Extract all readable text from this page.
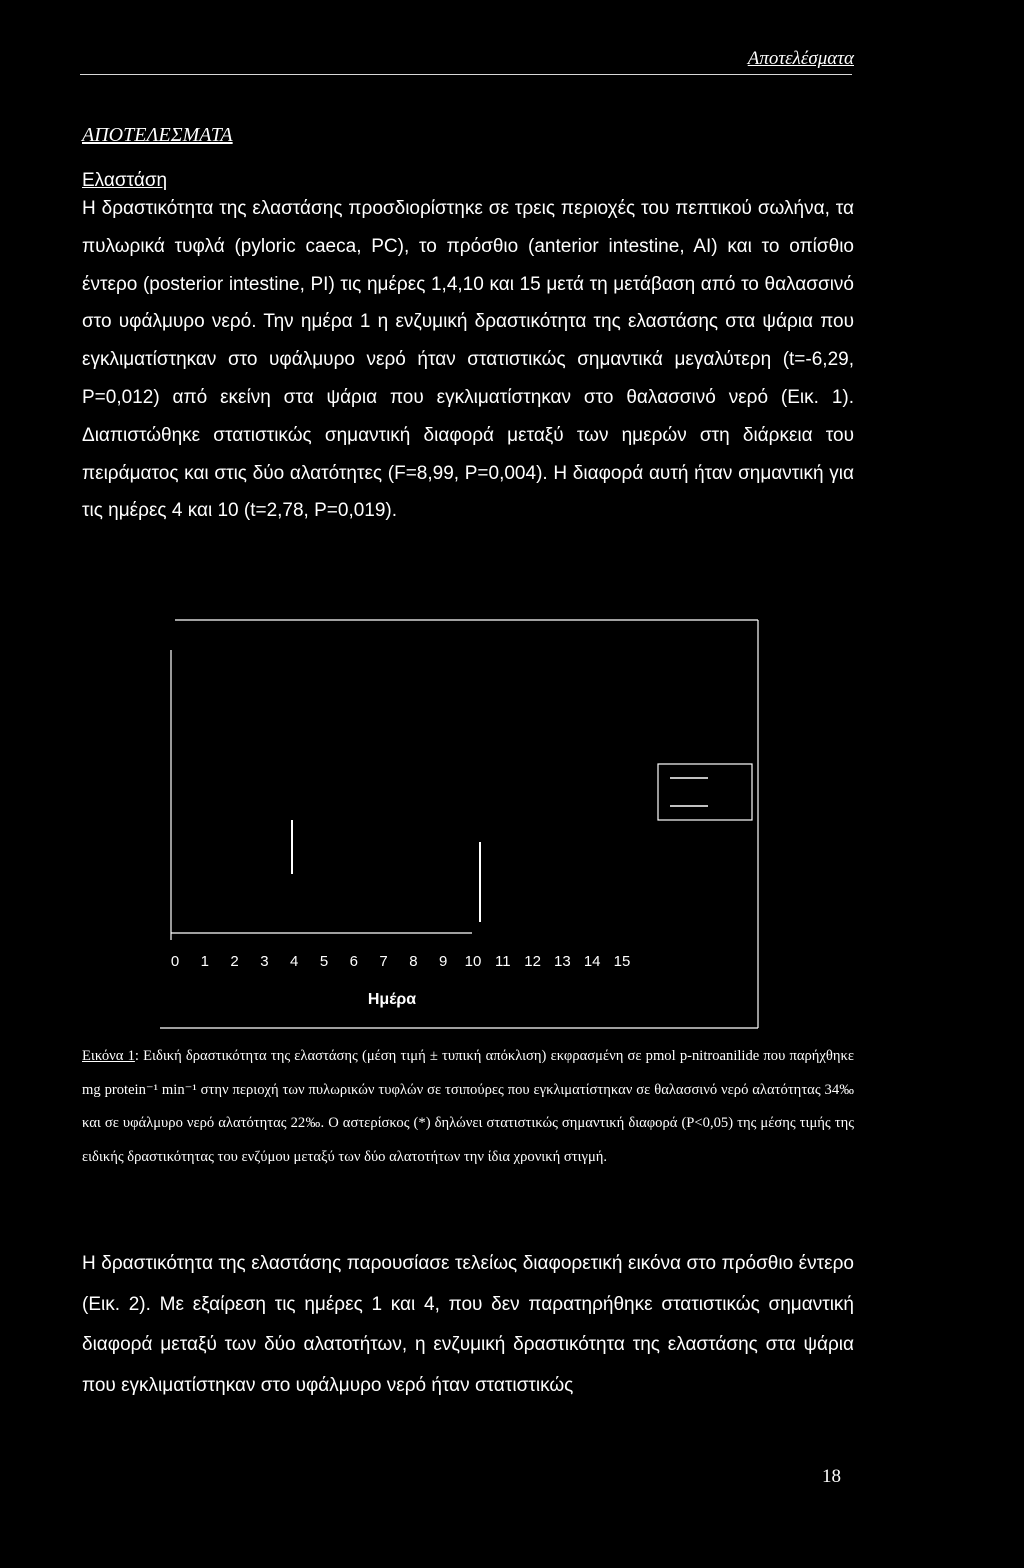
Αποτελέσματα
ΑΠΟΤΕΛΕΣΜΑΤΑ
Ελαστάση

Η δραστικότητα της ελαστάσης προσδιορίστηκε σε τρεις περιοχές του πεπτικού σωλήνα, τα πυλωρικά τυφλά (pyloric caeca, PC), το πρόσθιο (anterior intestine, AI) και το οπίσθιο έντερο (posterior intestine, PI) τις ημέρες 1,4,10 και 15 μετά τη μετάβαση από το θαλασσινό στο υφάλμυρο νερό. Την ημέρα 1 η ενζυμική δραστικότητα της ελαστάσης στα ψάρια που εγκλιματίστηκαν στο υφάλμυρο νερό ήταν στατιστικώς σημαντικά μεγαλύτερη (t=-6,29, P=0,012) από εκείνη στα ψάρια που εγκλιματίστηκαν στο θαλασσινό νερό (Εικ. 1). Διαπιστώθηκε στατιστικώς σημαντική διαφορά μεταξύ των ημερών στη διάρκεια του πειράματος και στις δύο αλατότητες (F=8,99, P=0,004). Η διαφορά αυτή ήταν σημαντική για τις ημέρες 4 και 10 (t=2,78, P=0,019).

0 1 2 3 4 5 6 7 8 9 10 11 12 13 14 15
Ημέρα

Εικόνα 1: Ειδική δραστικότητα της ελαστάσης (μέση τιμή ± τυπική απόκλιση) εκφρασμένη σε pmol p-nitroanilide που παρήχθηκε mg protein⁻¹ min⁻¹ στην περιοχή των πυλωρικών τυφλών σε τσιπούρες που εγκλιματίστηκαν σε θαλασσινό νερό αλατότητας 34‰ και σε υφάλμυρο νερό αλατότητας 22‰. Ο αστερίσκος (*) δηλώνει στατιστικώς σημαντική διαφορά (P<0,05) της μέσης τιμής της ειδικής δραστικότητας του ενζύμου μεταξύ των δύο αλατοτήτων την ίδια χρονική στιγμή.

Η δραστικότητα της ελαστάσης παρουσίασε τελείως διαφορετική εικόνα στο πρόσθιο έντερο (Εικ. 2). Με εξαίρεση τις ημέρες 1 και 4, που δεν παρατηρήθηκε στατιστικώς σημαντική διαφορά μεταξύ των δύο αλατοτήτων, η ενζυμική δραστικότητα της ελαστάσης στα ψάρια που εγκλιματίστηκαν στο υφάλμυρο νερό ήταν στατιστικώς

18
